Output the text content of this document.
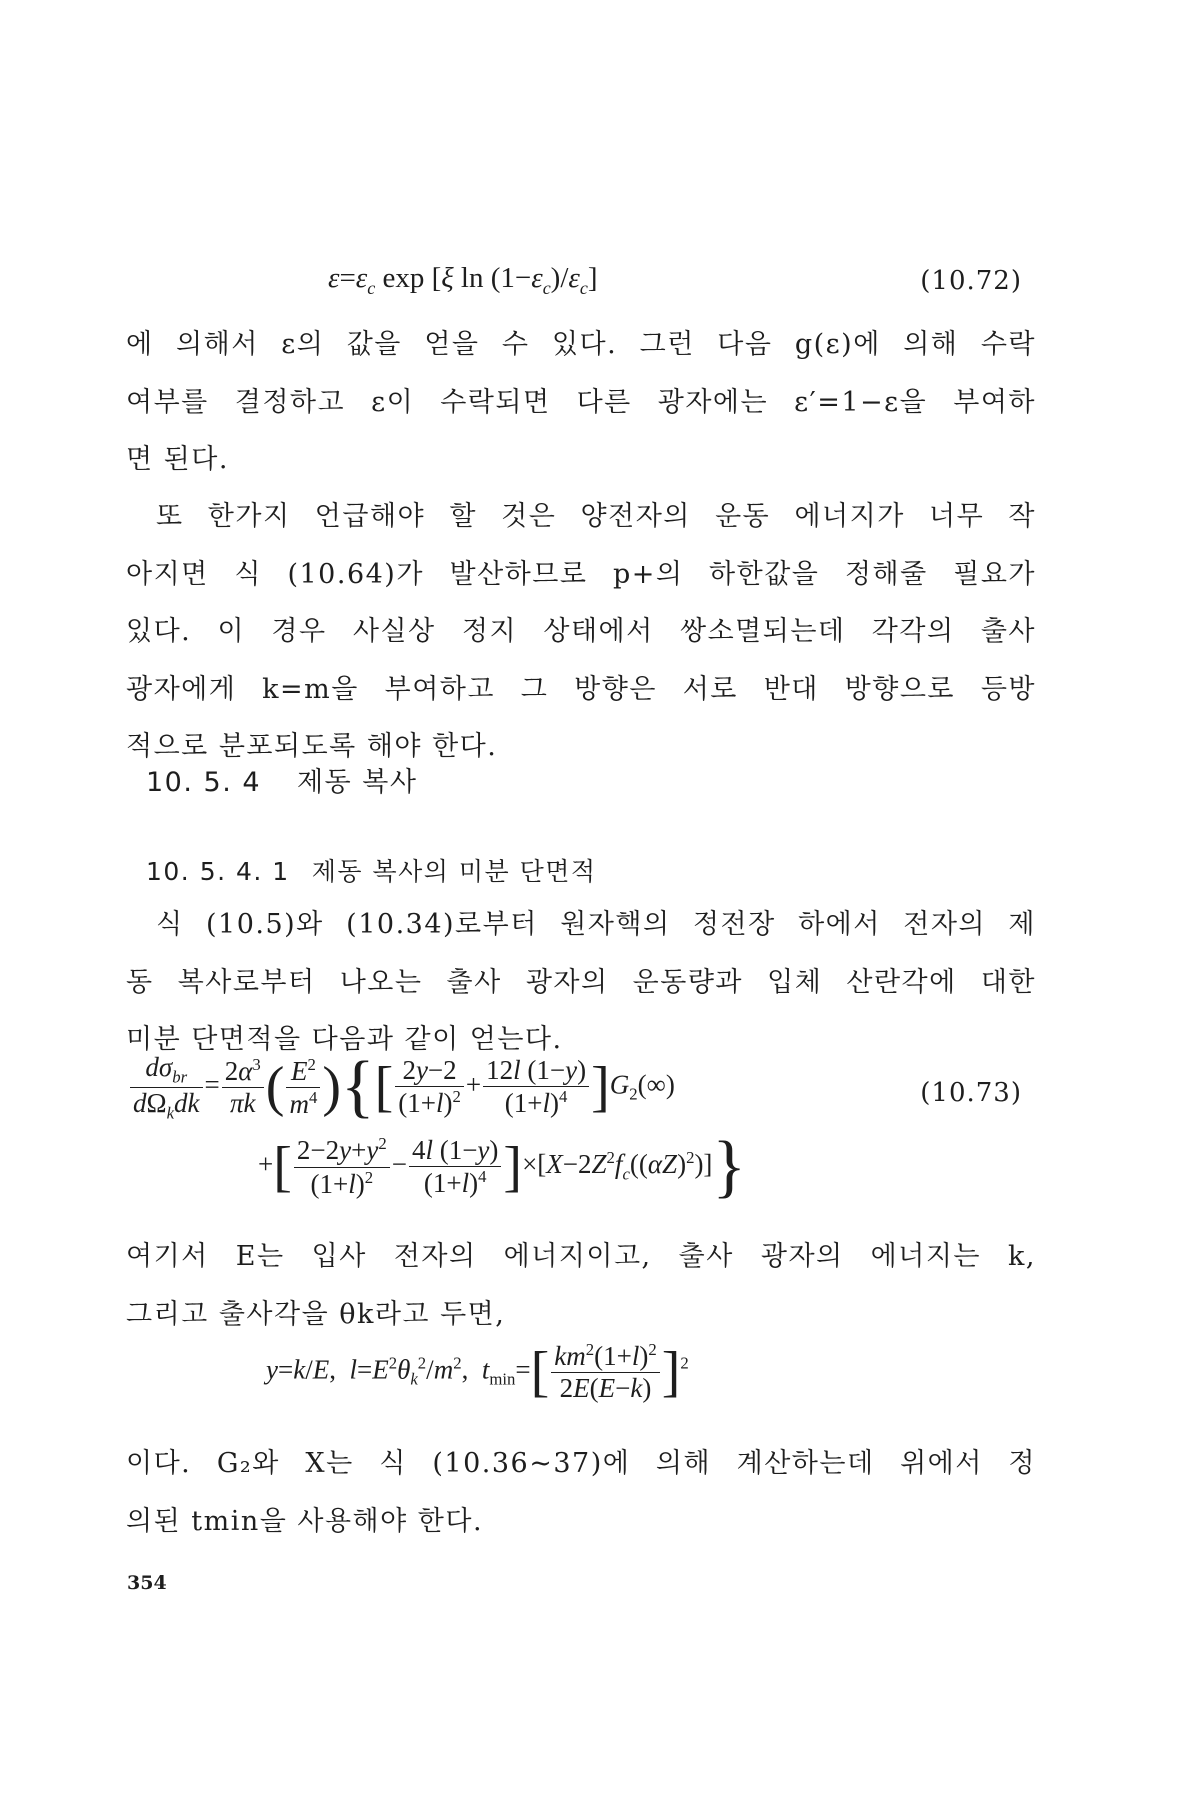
$\varepsilon=\varepsilon_c$ exp [ξ $\ln (1-\varepsilon_c)/\varepsilon_c$]	(10.72)
에 의해서 ε의 값을 얻을 수 있다. 그런 다음 g(ε)에 의해 수락
여부를 결정하고 ε이 수락되면 다른 광자에는 ε′=1−ε을 부여하
면 된다.
또 한가지 언급해야 할 것은 양전자의 운동 에너지가 너무 작
아지면 식 (10.64)가 발산하므로 p+의 하한값을 정해줄 필요가
있다. 이 경우 사실상 정지 상태에서 쌍소멸되는데 각각의 출사
광자에게 k=m을 부여하고 그 방향은 서로 반대 방향으로 등방
적으로 분포되도록 해야 한다.
10. 5. 4 제동 복사
10. 5. 4. 1 제동 복사의 미분 단면적
식 (10.5)와 (10.34)로부터 원자핵의 정전장 하에서 전자의 제
동 복사로부터 나오는 출사 광자의 운동량과 입체 산란각에 대한
미분 단면적을 다음과 같이 얻는다.
$\frac{d\sigma_{br}}{d\Omega_kdk} = \frac{2\alpha^3}{\pi k}$ ( $\frac{E^2}{m^4}$ ){[ $\frac{2y-2}{(1+l)^2} + \frac{12l (1-y)}{(1+l)^4} ]G_2(\infty)$	(10.73)
+[ $\frac{2-2y+y^2}{(1+l)^2} - \frac{4l (1-y)}{(1+l)^4} ]\times[X-2Z^2f_c((\alpha Z)^2)]$}
여기서 E는 입사 전자의 에너지이고, 출사 광자의 에너지는 k,
그리고 출사각을 θk라고 두면,
y=k/E,  $l=E^2\theta_k^2/m^2$,  $t_{min}=[ \frac{km^2(1+l)^2}{2E(E-k)} ]^2$
이다. G₂와 X는 식 (10.36~37)에 의해 계산하는데 위에서 정
의된 tmin을 사용해야 한다.
354
